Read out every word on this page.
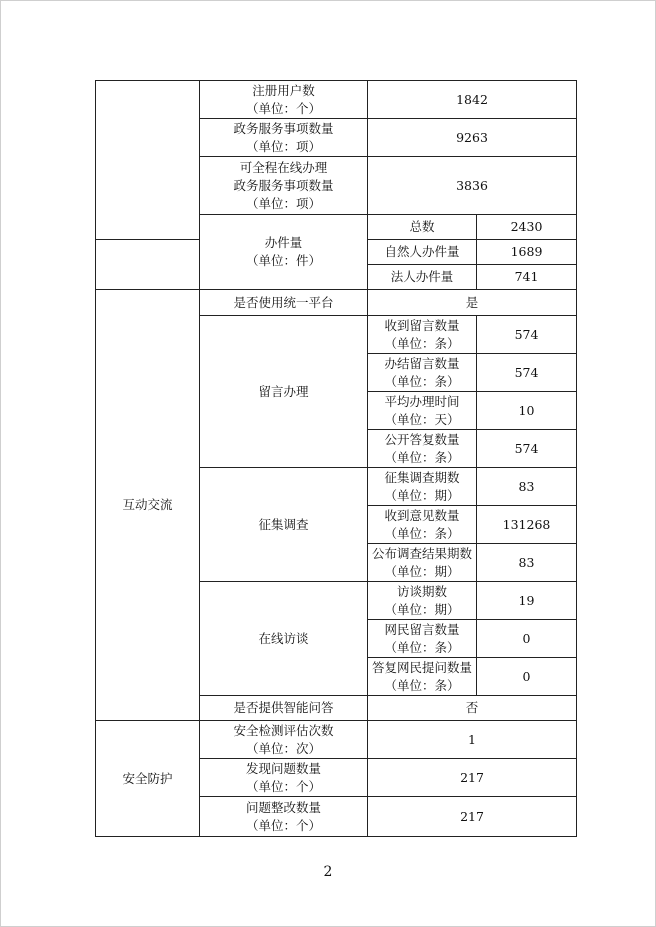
	注册用户数
（单位：个）	1842	

	政务服务事项数量
（单位：项）	9263	

	可全程在线办理
政务服务事项数量
（单位：项）	3836	

	办件量
（单位：件）	总数	2430
		自然人办件量	1689
		法人办件量	741
互动交流	是否使用统一平台	是	
	留言办理	收到留言数量
（单位：条）	574

		办结留言数量
（单位：条）	574

		平均办理时间
（单位：天）	10

		公开答复数量
（单位：条）	574
	征集调查	征集调查期数
（单位：期）	83

		收到意见数量
（单位：条）	131268

		公布调查结果期数
（单位：期）	83
	在线访谈	访谈期数
（单位：期）	19

		网民留言数量
（单位：条）	0

		答复网民提问数量
（单位：条）	0
	是否提供智能问答	否	
安全防护	安全检测评估次数
（单位：次）	1	

	发现问题数量
（单位：个）	217	

	问题整改数量
（单位：个）	217	
2
